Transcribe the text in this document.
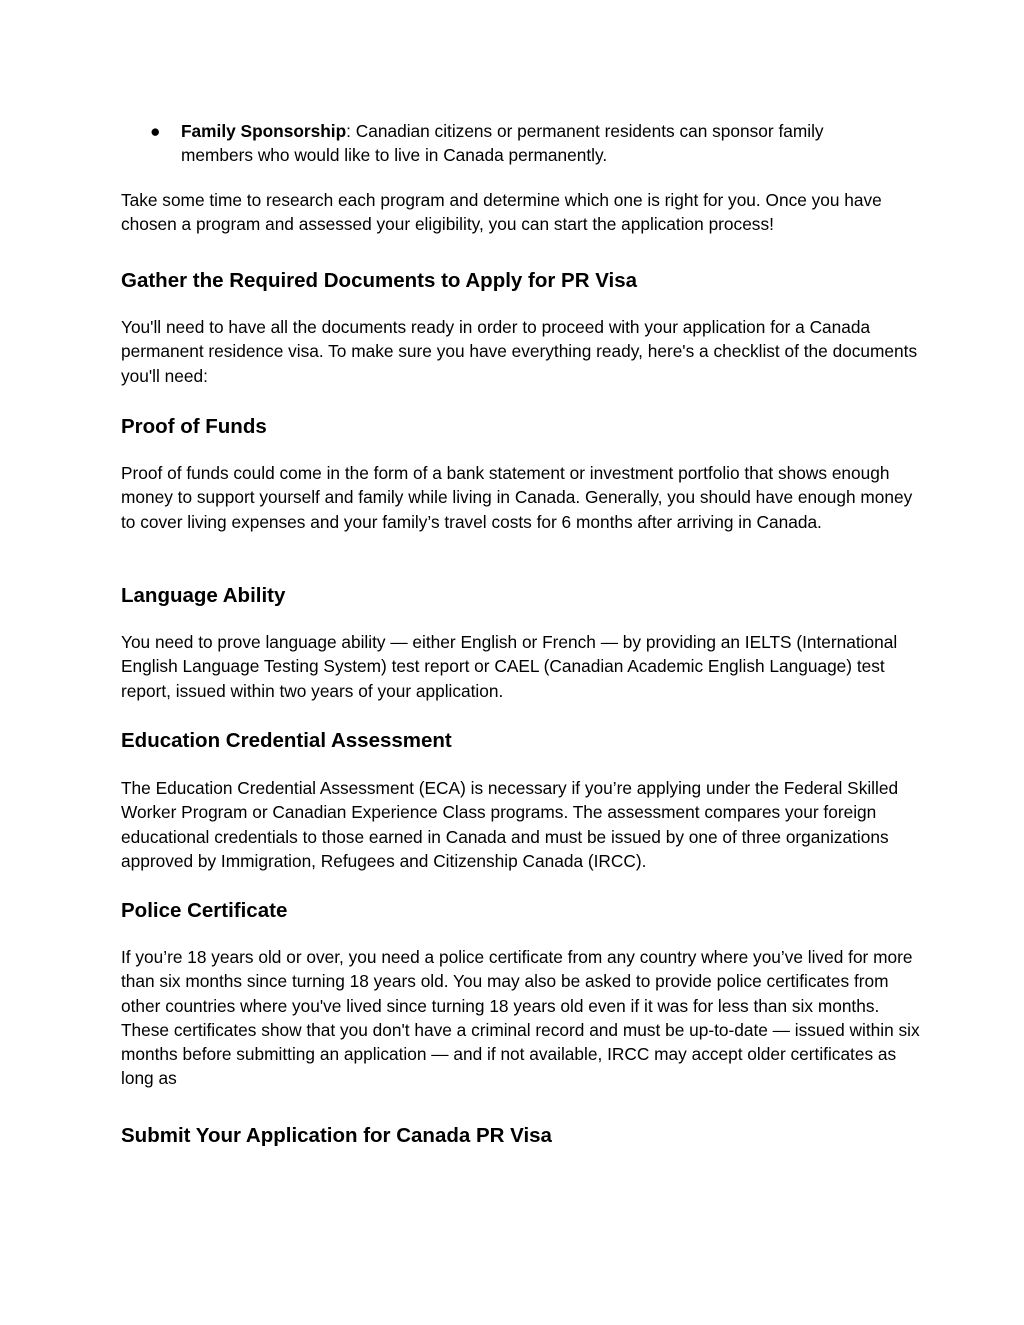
● Family Sponsorship: Canadian citizens or permanent residents can sponsor family members who would like to live in Canada permanently.

Take some time to research each program and determine which one is right for you. Once you have chosen a program and assessed your eligibility, you can start the application process!

Gather the Required Documents to Apply for PR Visa

You'll need to have all the documents ready in order to proceed with your application for a Canada permanent residence visa. To make sure you have everything ready, here's a checklist of the documents you'll need:

Proof of Funds

Proof of funds could come in the form of a bank statement or investment portfolio that shows enough money to support yourself and family while living in Canada. Generally, you should have enough money to cover living expenses and your family’s travel costs for 6 months after arriving in Canada.

Language Ability

You need to prove language ability — either English or French — by providing an IELTS (International English Language Testing System) test report or CAEL (Canadian Academic English Language) test report, issued within two years of your application.

Education Credential Assessment

The Education Credential Assessment (ECA) is necessary if you’re applying under the Federal Skilled Worker Program or Canadian Experience Class programs. The assessment compares your foreign educational credentials to those earned in Canada and must be issued by one of three organizations approved by Immigration, Refugees and Citizenship Canada (IRCC).

Police Certificate

If you’re 18 years old or over, you need a police certificate from any country where you’ve lived for more than six months since turning 18 years old. You may also be asked to provide police certificates from other countries where you've lived since turning 18 years old even if it was for less than six months. These certificates show that you don't have a criminal record and must be up-to-date — issued within six months before submitting an application — and if not available, IRCC may accept older certificates as long as

Submit Your Application for Canada PR Visa
